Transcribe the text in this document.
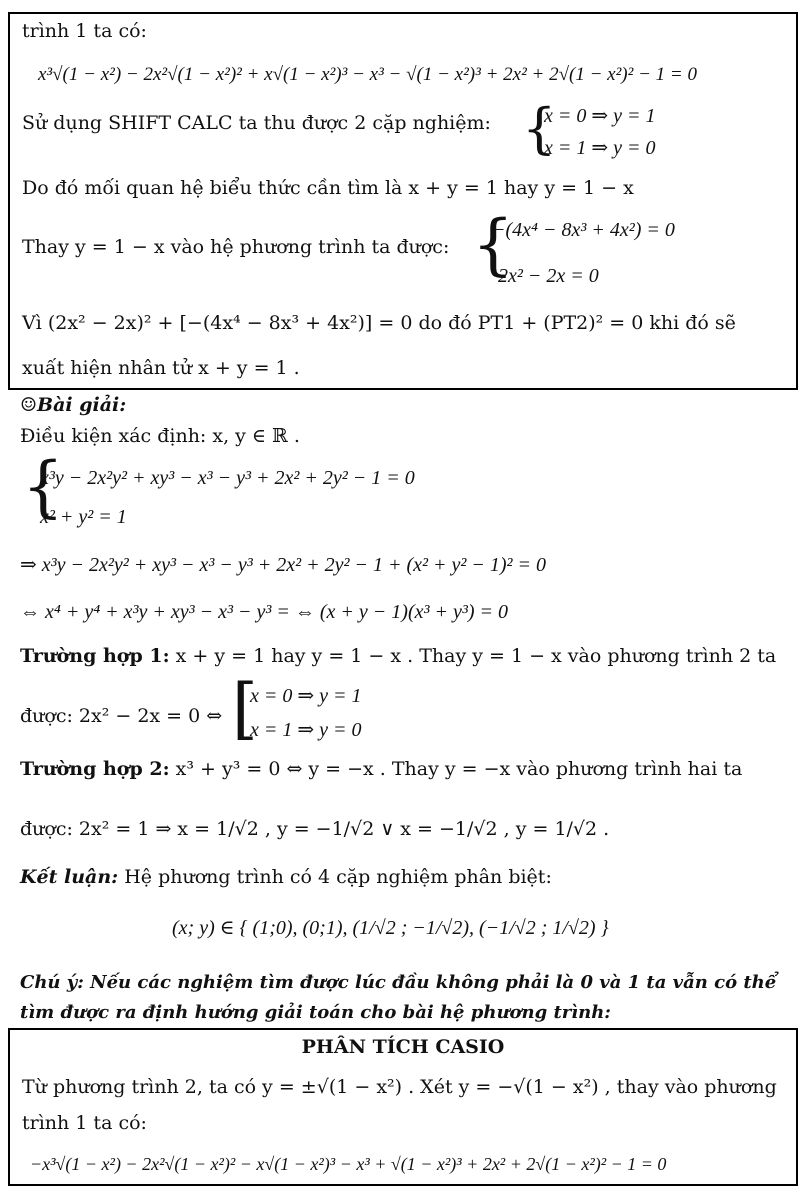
trình 1 ta có:
x³√(1 − x²) − 2x²√(1 − x²)² + x√(1 − x²)³ − x³ − √(1 − x²)³ + 2x² + 2√(1 − x²)² − 1 = 0
Sử dụng SHIFT CALC ta thu được 2 cặp nghiệm: {
x = 0 ⇒ y = 1
x = 1 ⇒ y = 0
Do đó mối quan hệ biểu thức cần tìm là x + y = 1 hay y = 1 − x
Thay y = 1 − x vào hệ phương trình ta được: {
−(4x⁴ − 8x³ + 4x²) = 0
2x² − 2x = 0
Vì (2x² − 2x)² + [−(4x⁴ − 8x³ + 4x²)] = 0 do đó PT1 + (PT2)² = 0 khi đó sẽ
xuất hiện nhân tử x + y = 1 .
☺Bài giải:
Điều kiện xác định: x, y ∈ ℝ .
{
x³y − 2x²y² + xy³ − x³ − y³ + 2x² + 2y² − 1 = 0
x² + y² = 1
⇒ x³y − 2x²y² + xy³ − x³ − y³ + 2x² + 2y² − 1 + (x² + y² − 1)² = 0
⇔ x⁴ + y⁴ + x³y + xy³ − x³ − y³ = ⇔ (x + y − 1)(x³ + y³) = 0
Trường hợp 1: x + y = 1 hay y = 1 − x . Thay y = 1 − x vào phương trình 2 ta
được: 2x² − 2x = 0 ⇔ [
x = 0 ⇒ y = 1
x = 1 ⇒ y = 0
Trường hợp 2: x³ + y³ = 0 ⇔ y = −x . Thay y = −x vào phương trình hai ta
được: 2x² = 1 ⇒ x = 1/√2 , y = −1/√2 ∨ x = −1/√2 , y = 1/√2 .
Kết luận: Hệ phương trình có 4 cặp nghiệm phân biệt:
(x; y) ∈ { (1;0), (0;1), (1/√2 ; −1/√2), (−1/√2 ; 1/√2) }
Chú ý: Nếu các nghiệm tìm được lúc đầu không phải là 0 và 1 ta vẫn có thể
tìm được ra định hướng giải toán cho bài hệ phương trình:
PHÂN TÍCH CASIO
Từ phương trình 2, ta có y = ±√(1 − x²) . Xét y = −√(1 − x²) , thay vào phương
trình 1 ta có:
−x³√(1 − x²) − 2x²√(1 − x²)² − x√(1 − x²)³ − x³ + √(1 − x²)³ + 2x² + 2√(1 − x²)² − 1 = 0
